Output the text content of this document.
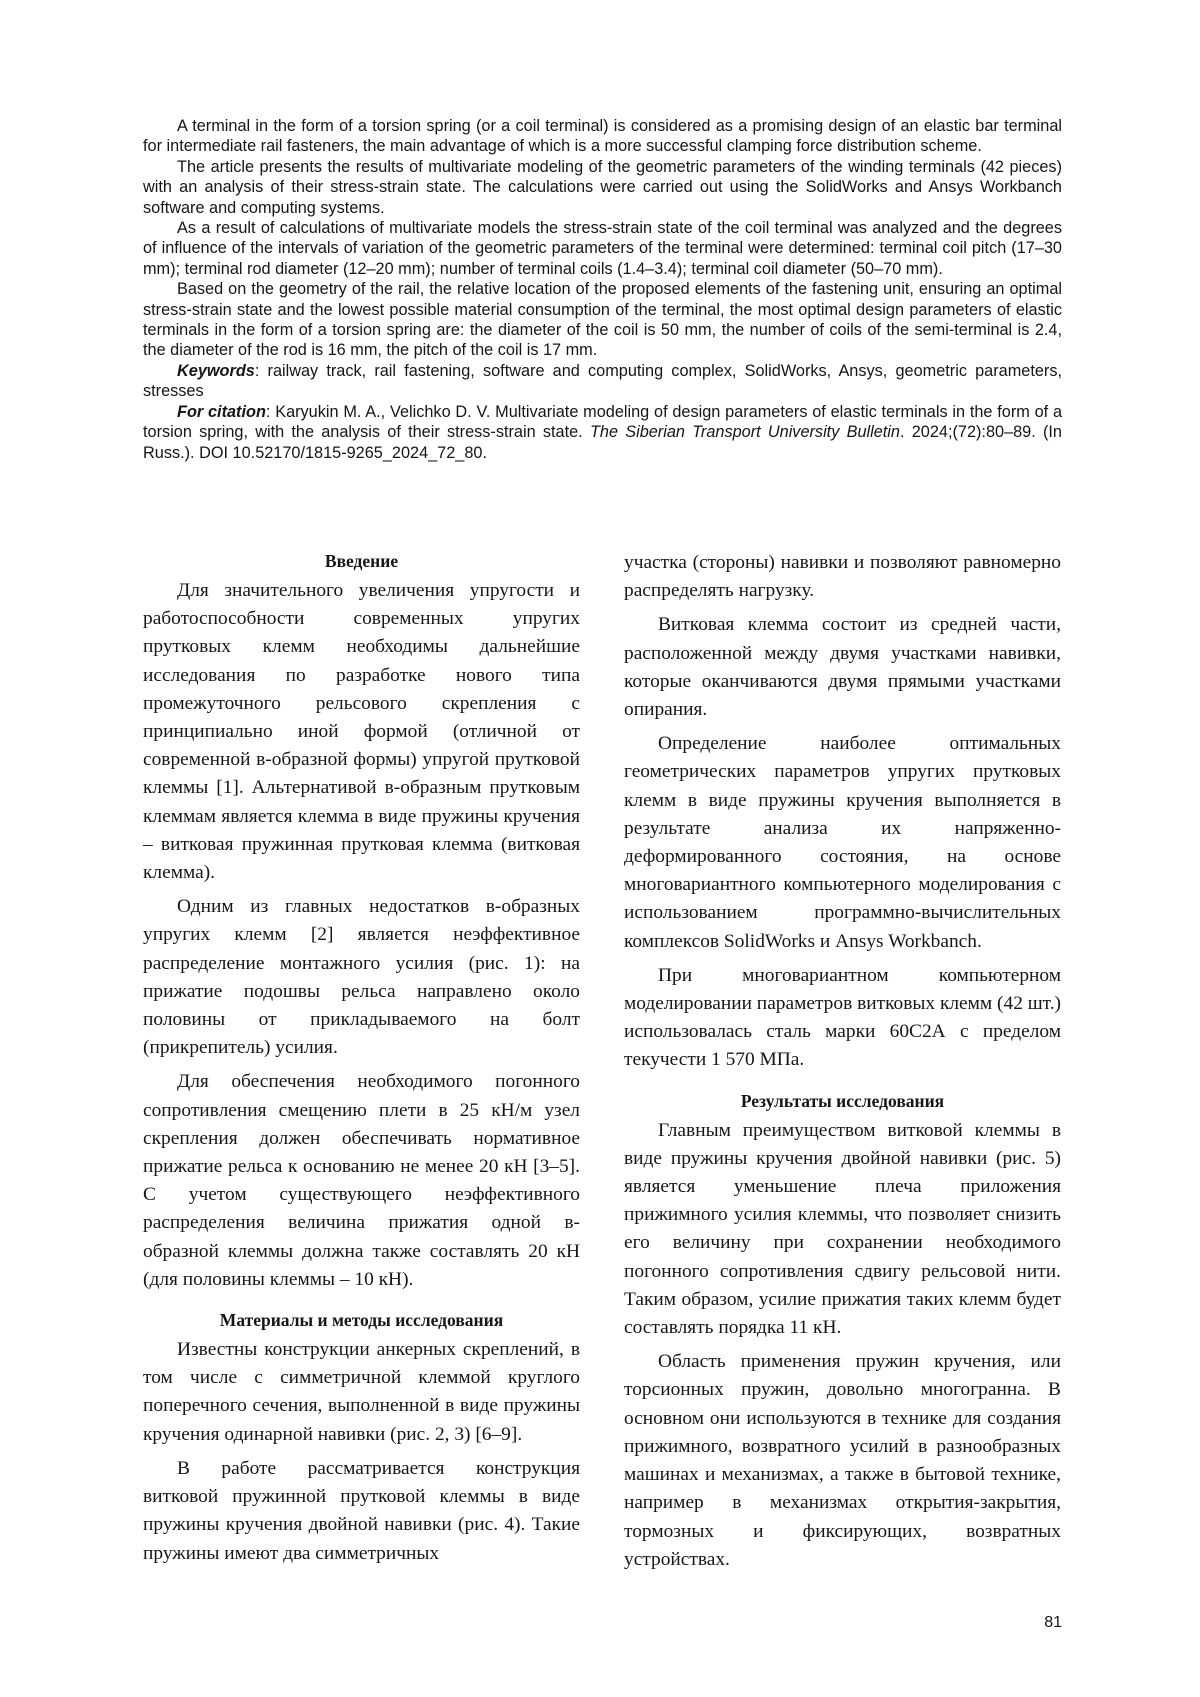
A terminal in the form of a torsion spring (or a coil terminal) is considered as a promising design of an elastic bar terminal for intermediate rail fasteners, the main advantage of which is a more successful clamping force distribution scheme.

The article presents the results of multivariate modeling of the geometric parameters of the winding terminals (42 pieces) with an analysis of their stress-strain state. The calculations were carried out using the SolidWorks and Ansys Workbanch software and computing systems.

As a result of calculations of multivariate models the stress-strain state of the coil terminal was analyzed and the degrees of influence of the intervals of variation of the geometric parameters of the terminal were determined: terminal coil pitch (17–30 mm); terminal rod diameter (12–20 mm); number of terminal coils (1.4–3.4); terminal coil diameter (50–70 mm).

Based on the geometry of the rail, the relative location of the proposed elements of the fastening unit, ensuring an optimal stress-strain state and the lowest possible material consumption of the terminal, the most optimal design parameters of elastic terminals in the form of a torsion spring are: the diameter of the coil is 50 mm, the number of coils of the semi-terminal is 2.4, the diameter of the rod is 16 mm, the pitch of the coil is 17 mm.

Keywords: railway track, rail fastening, software and computing complex, SolidWorks, Ansys, geometric parameters, stresses

For citation: Karyukin M. A., Velichko D. V. Multivariate modeling of design parameters of elastic terminals in the form of a torsion spring, with the analysis of their stress-strain state. The Siberian Transport University Bulletin. 2024;(72):80–89. (In Russ.). DOI 10.52170/1815-9265_2024_72_80.

Введение

Для значительного увеличения упругости и работоспособности современных упругих прутковых клемм необходимы дальнейшие исследования по разработке нового типа промежуточного рельсового скрепления с принципиально иной формой (отличной от современной в-образной формы) упругой прутковой клеммы [1]. Альтернативой в-образным прутковым клеммам является клемма в виде пружины кручения – витковая пружинная прутковая клемма (витковая клемма).

Одним из главных недостатков в-образных упругих клемм [2] является неэффективное распределение монтажного усилия (рис. 1): на прижатие подошвы рельса направлено около половины от прикладываемого на болт (прикрепитель) усилия.

Для обеспечения необходимого погонного сопротивления смещению плети в 25 кН/м узел скрепления должен обеспечивать нормативное прижатие рельса к основанию не менее 20 кН [3–5]. С учетом существующего неэффективного распределения величина прижатия одной в-образной клеммы должна также составлять 20 кН (для половины клеммы – 10 кН).

Материалы и методы исследования

Известны конструкции анкерных скреплений, в том числе с симметричной клеммой круглого поперечного сечения, выполненной в виде пружины кручения одинарной навивки (рис. 2, 3) [6–9].

В работе рассматривается конструкция витковой пружинной прутковой клеммы в виде пружины кручения двойной навивки (рис. 4). Такие пружины имеют два симметричных

участка (стороны) навивки и позволяют равномерно распределять нагрузку.

Витковая клемма состоит из средней части, расположенной между двумя участками навивки, которые оканчиваются двумя прямыми участками опирания.

Определение наиболее оптимальных геометрических параметров упругих прутковых клемм в виде пружины кручения выполняется в результате анализа их напряженно-деформированного состояния, на основе многовариантного компьютерного моделирования с использованием программно-вычислительных комплексов SolidWorks и Ansys Workbanch.

При многовариантном компьютерном моделировании параметров витковых клемм (42 шт.) использовалась сталь марки 60С2А с пределом текучести 1 570 МПа.

Результаты исследования

Главным преимуществом витковой клеммы в виде пружины кручения двойной навивки (рис. 5) является уменьшение плеча приложения прижимного усилия клеммы, что позволяет снизить его величину при сохранении необходимого погонного сопротивления сдвигу рельсовой нити. Таким образом, усилие прижатия таких клемм будет составлять порядка 11 кН.

Область применения пружин кручения, или торсионных пружин, довольно многогранна. В основном они используются в технике для создания прижимного, возвратного усилий в разнообразных машинах и механизмах, а также в бытовой технике, например в механизмах открытия-закрытия, тормозных и фиксирующих, возвратных устройствах.

81
